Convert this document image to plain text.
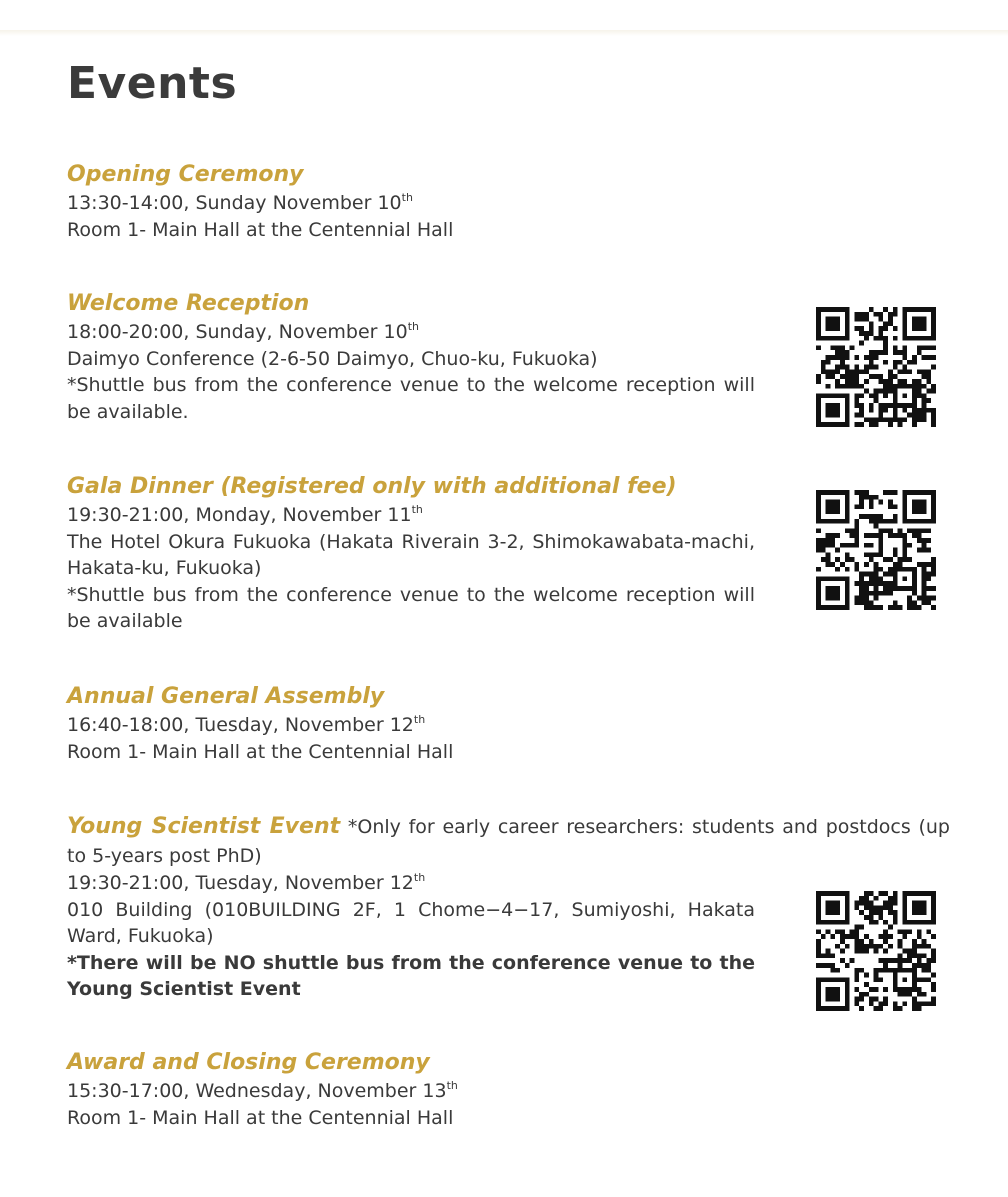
Events
Opening Ceremony
13:30-14:00, Sunday November 10th
Room 1- Main Hall at the Centennial Hall
Welcome Reception
18:00-20:00, Sunday, November 10th
Daimyo Conference (2-6-50 Daimyo, Chuo-ku, Fukuoka)
*Shuttle bus from the conference venue to the welcome reception will be available.
Gala Dinner (Registered only with additional fee)
19:30-21:00, Monday, November 11th
The Hotel Okura Fukuoka (Hakata Riverain 3-2, Shimokawabata-machi, Hakata-ku, Fukuoka)
*Shuttle bus from the conference venue to the welcome reception will be available
Annual General Assembly
16:40-18:00, Tuesday, November 12th
Room 1- Main Hall at the Centennial Hall
Young Scientist Event *Only for early career researchers: students and postdocs (up to 5-years post PhD)
19:30-21:00, Tuesday, November 12th
010 Building (010BUILDING 2F, 1 Chome−4−17, Sumiyoshi, Hakata Ward, Fukuoka)
*There will be NO shuttle bus from the conference venue to the Young Scientist Event
Award and Closing Ceremony
15:30-17:00, Wednesday, November 13th
Room 1- Main Hall at the Centennial Hall
